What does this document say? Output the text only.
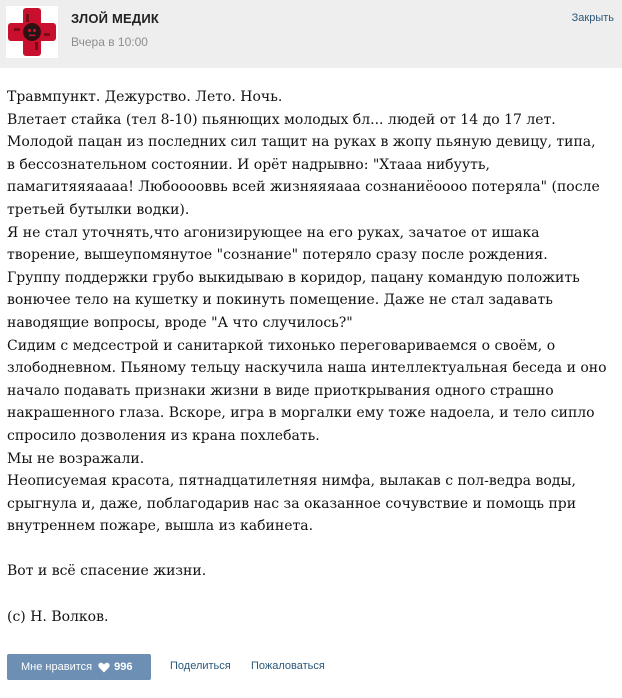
ЗЛОЙ МЕДИК
Вчера в 10:00
Закрыть

Травмпункт. Дежурство. Лето. Ночь.

Влетает стайка (тел 8-10) пьянющих молодых бл... людей от 14 до 17 лет.

Молодой пацан из последних сил тащит на руках в жопу пьяную девицу, типа, в бессознательном состоянии. И орёт надрывно: "Хтааа нибууть, памагитяяяаааа! Любооооввь всей жизняяяааа сознаниёоооо потеряла" (после третьей бутылки водки).

Я не стал уточнять,что агонизирующее на его руках, зачатое от ишака творение, вышеупомянутое "сознание" потеряло сразу после рождения.

Группу поддержки грубо выкидываю в коридор, пацану командую положить вонючее тело на кушетку и покинуть помещение. Даже не стал задавать наводящие вопросы, вроде "А что случилось?"

Сидим с медсестрой и санитаркой тихонько переговариваемся о своём, о злободневном. Пьяному тельцу наскучила наша интеллектуальная беседа и оно начало подавать признаки жизни в виде приоткрывания одного страшно накрашенного глаза. Вскоре, игра в моргалки ему тоже надоела, и тело сипло спросило дозволения из крана похлебать.

Мы не возражали.

Неописуемая красота, пятнадцатилетняя нимфа, вылакав с пол-ведра воды, срыгнула и, даже, поблагодарив нас за оказанное сочувствие и помощь при внутреннем пожаре, вышла из кабинета.

Вот и всё спасение жизни.

(c) Н. Волков.

Мне нравится 996	Поделиться Пожаловаться
